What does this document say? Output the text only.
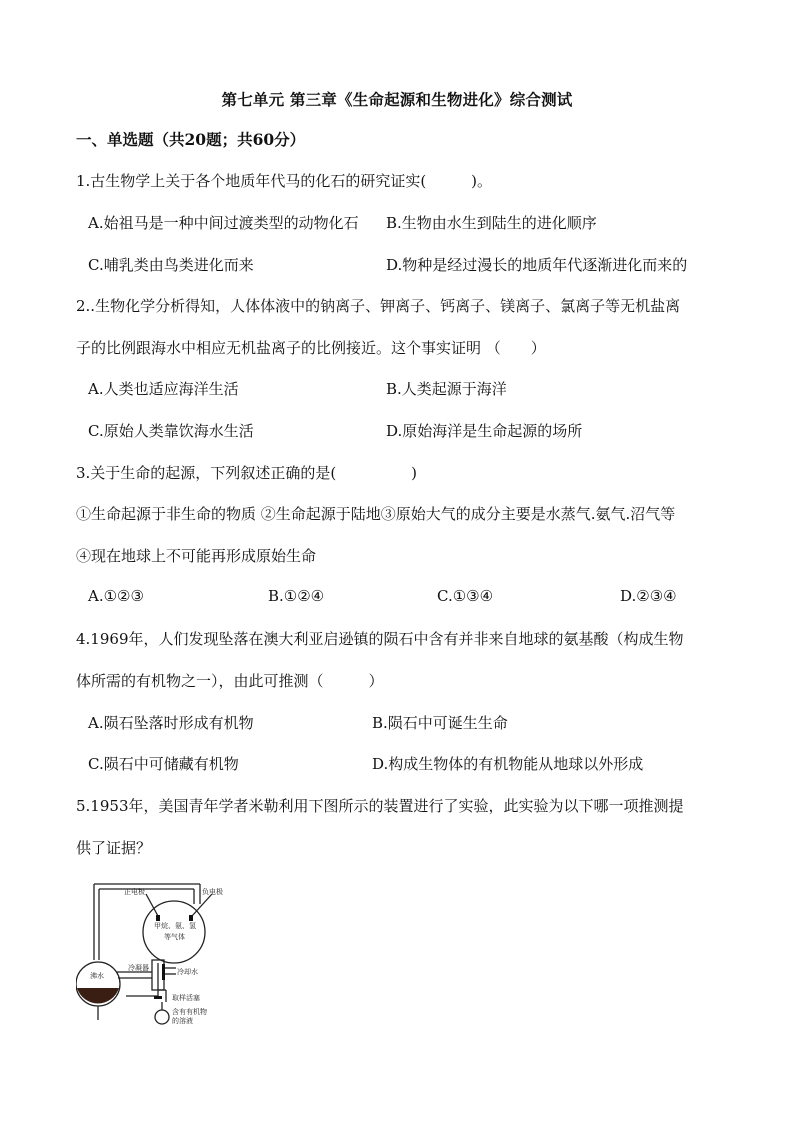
第七单元 第三章《生命起源和生物进化》综合测试
一、单选题（共20题；共60分）
1.古生物学上关于各个地质年代马的化石的研究证实(　　　)。
A.始祖马是一种中间过渡类型的动物化石 B.生物由水生到陆生的进化顺序
C.哺乳类由鸟类进化而来	D.物种是经过漫长的地质年代逐渐进化而来的
2..生物化学分析得知，人体体液中的钠离子、钾离子、钙离子、镁离子、氯离子等无机盐离
子的比例跟海水中相应无机盐离子的比例接近。这个事实证明 （　　）
A.人类也适应海洋生活	B.人类起源于海洋
C.原始人类靠饮海水生活	D.原始海洋是生命起源的场所
3.关于生命的起源，下列叙述正确的是(　　　　　)
①生命起源于非生命的物质 ②生命起源于陆地③原始大气的成分主要是水蒸气.氨气.沼气等
④现在地球上不可能再形成原始生命
A.①②③	B.①②④	C.①③④	D.②③④
4.1969年，人们发现坠落在澳大利亚启逊镇的陨石中含有并非来自地球的氨基酸（构成生物
体所需的有机物之一），由此可推测（　　　）
A.陨石坠落时形成有机物	B.陨石中可诞生生命
C.陨石中可储藏有机物	D.构成生物体的有机物能从地球以外形成
5.1953年，美国青年学者米勒利用下图所示的装置进行了实验，此实验为以下哪一项推测提
供了证据？
正电极	负电极
甲烷、氨、氢
等气体
沸水
冷凝器	冷却水
取样活塞
含有有机物
的溶液
